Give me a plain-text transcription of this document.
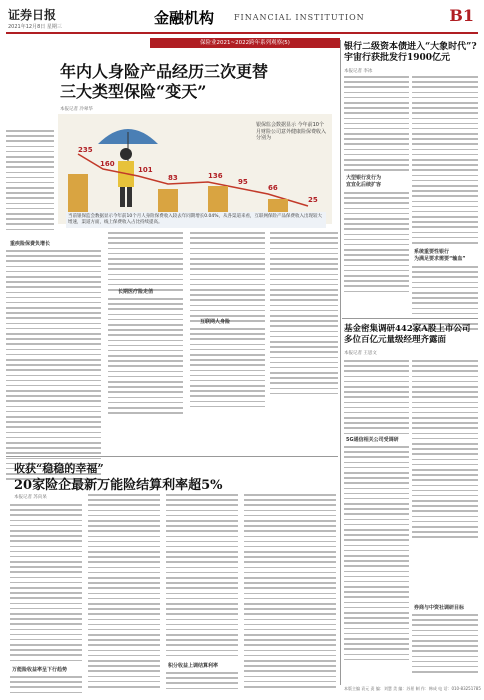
证券日报
2021年12月8日 星期三	金融机构 FINANCIAL INSTITUTION	B1
保险业2021~2022跨年系列观察(5)
年内人身险产品经历三次更替
三大类型保险“变天”
本报记者 冷翠华
235
160
101
83	136
95
66
25
银保监会数据显示 今年前10个月财险公司意外健康险保费收入分别为
当前银保监会数据显示今年前10个月人身险保费收入较去年同期增长0.04%，从各渠道来看，互联网保险产品保费收入出现较大增速，渠道方面，线上保费收入占比持续提高。
重疾险保费负增长
长期医疗险走俏
互联网人身险
银行二级资本债进入“大象时代”?
宇宙行获批发行1900亿元
本报记者 李冰
大型银行发行为
宜宜化后续扩容
系统重要性银行
为满足要求需要“输血”
基金密集调研442家A股上市公司
多位百亿元量级经理齐露面
本报记者 王思文
5G通信相关公司受调研
券商与中资社调研目标
收获“稳稳的幸福”
20家险企最新万能险结算利率超5%
本报记者 苏向杲
万能险收益率呈下行趋势
积分收益上调结算利率
本版主编 袁元 责 编：刘慧 美 编：苏景 制 作：韩成 电 话：010-83251785
